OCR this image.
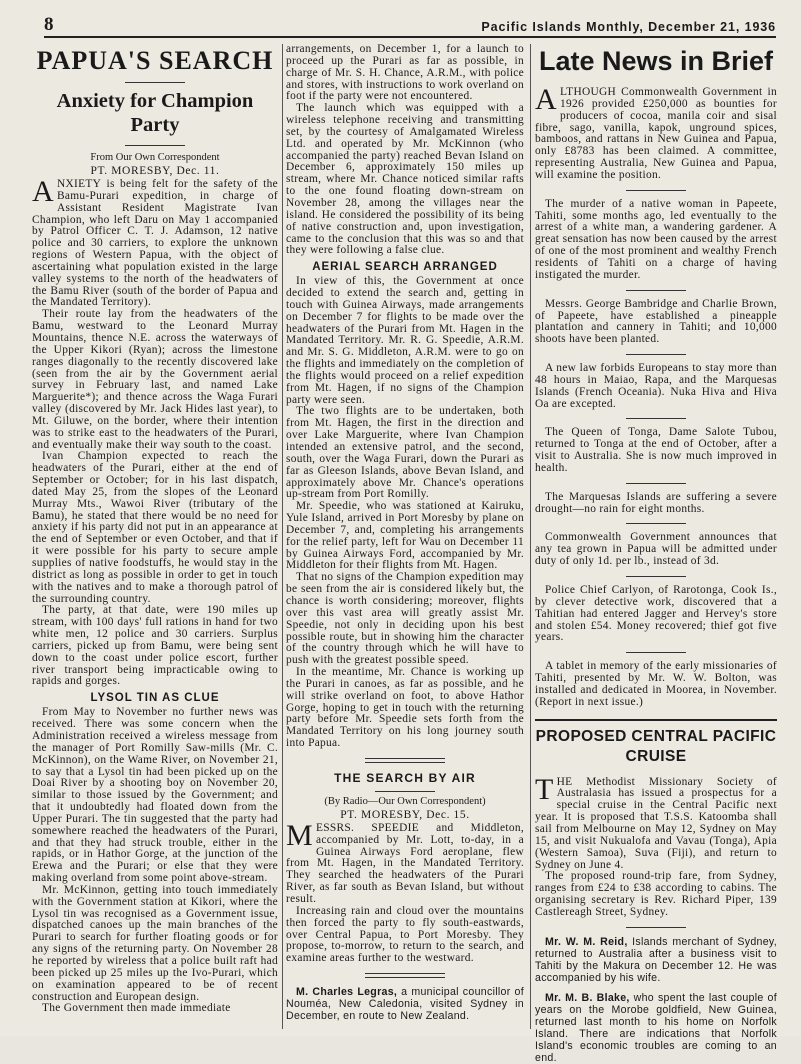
8	Pacific Islands Monthly, December 21, 1936
PAPUA'S SEARCH
Anxiety for Champion Party
From Our Own Correspondent
PT. MORESBY, Dec. 11.

ANXIETY is being felt for the safety of the Bamu-Purari expedition, in charge of Assistant Resident Magistrate Ivan Champion, who left Daru on May 1 accompanied by Patrol Officer C. T. J. Adamson, 12 native police and 30 carriers, to explore the unknown regions of Western Papua, with the object of ascertaining what population existed in the large valley systems to the north of the headwaters of the Bamu River (south of the border of Papua and the Mandated Territory).

Their route lay from the headwaters of the Bamu, westward to the Leonard Murray Mountains, thence N.E. across the waterways of the Upper Kikori (Ryan); across the limestone ranges diagonally to the recently discovered lake (seen from the air by the Government aerial survey in February last, and named Lake Marguerite*); and thence across the Waga Furari valley (discovered by Mr. Jack Hides last year), to Mt. Giluwe, on the border, where their intention was to strike east to the headwaters of the Purari, and eventually make their way south to the coast.

Ivan Champion expected to reach the headwaters of the Purari, either at the end of September or October; for in his last dispatch, dated May 25, from the slopes of the Leonard Murray Mts., Wawoi River (tributary of the Bamu), he stated that there would be no need for anxiety if his party did not put in an appearance at the end of September or even October, and that if it were possible for his party to secure ample supplies of native foodstuffs, he would stay in the district as long as possible in order to get in touch with the natives and to make a thorough patrol of the surrounding country.

The party, at that date, were 190 miles up stream, with 100 days' full rations in hand for two white men, 12 police and 30 carriers. Surplus carriers, picked up from Bamu, were being sent down to the coast under police escort, further river transport being impracticable owing to rapids and gorges.

LYSOL TIN AS CLUE

From May to November no further news was received. There was some concern when the Administration received a wireless message from the manager of Port Romilly Saw-mills (Mr. C. McKinnon), on the Wame River, on November 21, to say that a Lysol tin had been picked up on the Doai River by a shooting boy on November 20, similar to those issued by the Government; and that it undoubtedly had floated down from the Upper Purari. The tin suggested that the party had somewhere reached the headwaters of the Purari, and that they had struck trouble, either in the rapids, or in Hathor Gorge, at the junction of the Erewa and the Purari; or else that they were making overland from some point above-stream.

Mr. McKinnon, getting into touch immediately with the Government station at Kikori, where the Lysol tin was recognised as a Government issue, dispatched canoes up the main branches of the Purari to search for further floating goods or for any signs of the returning party. On November 28 he reported by wireless that a police built raft had been picked up 25 miles up the Ivo-Purari, which on examination appeared to be of recent construction and European design.

The Government then made immediate

arrangements, on December 1, for a launch to proceed up the Purari as far as possible, in charge of Mr. S. H. Chance, A.R.M., with police and stores, with instructions to work overland on foot if the party were not encountered.

The launch which was equipped with a wireless telephone receiving and transmitting set, by the courtesy of Amalgamated Wireless Ltd. and operated by Mr. McKinnon (who accompanied the party) reached Bevan Island on December 6, approximately 150 miles up stream, where Mr. Chance noticed similar rafts to the one found floating down-stream on November 28, among the villages near the island. He considered the possibility of its being of native construction and, upon investigation, came to the conclusion that this was so and that they were following a false clue.

AERIAL SEARCH ARRANGED

In view of this, the Government at once decided to extend the search and, getting in touch with Guinea Airways, made arrangements on December 7 for flights to be made over the headwaters of the Purari from Mt. Hagen in the Mandated Territory. Mr. R. G. Speedie, A.R.M. and Mr. S. G. Middleton, A.R.M. were to go on the flights and immediately on the completion of the flights would proceed on a relief expedition from Mt. Hagen, if no signs of the Champion party were seen.

The two flights are to be undertaken, both from Mt. Hagen, the first in the direction and over Lake Marguerite, where Ivan Champion intended an extensive patrol, and the second, south, over the Waga Furari, down the Purari as far as Gleeson Islands, above Bevan Island, and approximately above Mr. Chance's operations up-stream from Port Romilly.

Mr. Speedie, who was stationed at Kairuku, Yule Island, arrived in Port Moresby by plane on December 7, and, completing his arrangements for the relief party, left for Wau on December 11 by Guinea Airways Ford, accompanied by Mr. Middleton for their flights from Mt. Hagen.

That no signs of the Champion expedition may be seen from the air is considered likely but, the chance is worth considering; moreover, flights over this vast area will greatly assist Mr. Speedie, not only in deciding upon his best possible route, but in showing him the character of the country through which he will have to push with the greatest possible speed.

In the meantime, Mr. Chance is working up the Purari in canoes, as far as possible, and he will strike overland on foot, to above Hathor Gorge, hoping to get in touch with the returning party before Mr. Speedie sets forth from the Mandated Territory on his long journey south into Papua.

THE SEARCH BY AIR
(By Radio—Our Own Correspondent)
PT. MORESBY, Dec. 15.

MESSRS. SPEEDIE and Middleton, accompanied by Mr. Lott, to-day, in a Guinea Airways Ford aeroplane, flew from Mt. Hagen, in the Mandated Territory. They searched the headwaters of the Purari River, as far south as Bevan Island, but without result.

Increasing rain and cloud over the mountains then forced the party to fly south-eastwards, over Central Papua, to Port Moresby. They propose, to-morrow, to return to the search, and examine areas further to the westward.

M. Charles Legras, a municipal councillor of Nouméa, New Caledonia, visited Sydney in December, en route to New Zealand.

Late News in Brief

ALTHOUGH Commonwealth Government in 1926 provided £250,000 as bounties for producers of cocoa, manila coir and sisal fibre, sago, vanilla, kapok, unground spices, bamboos, and rattans in New Guinea and Papua, only £8783 has been claimed. A committee, representing Australia, New Guinea and Papua, will examine the position.

The murder of a native woman in Papeete, Tahiti, some months ago, led eventually to the arrest of a white man, a wandering gardener. A great sensation has now been caused by the arrest of one of the most prominent and wealthy French residents of Tahiti on a charge of having instigated the murder.

Messrs. George Bambridge and Charlie Brown, of Papeete, have established a pineapple plantation and cannery in Tahiti; and 10,000 shoots have been planted.

A new law forbids Europeans to stay more than 48 hours in Maiao, Rapa, and the Marquesas Islands (French Oceania). Nuka Hiva and Hiva Oa are excepted.

The Queen of Tonga, Dame Salote Tubou, returned to Tonga at the end of October, after a visit to Australia. She is now much improved in health.

The Marquesas Islands are suffering a severe drought—no rain for eight months.

Commonwealth Government announces that any tea grown in Papua will be admitted under duty of only 1d. per lb., instead of 3d.

Police Chief Carlyon, of Rarotonga, Cook Is., by clever detective work, discovered that a Tahitian had entered Jagger and Hervey's store and stolen £54. Money recovered; thief got five years.

A tablet in memory of the early missionaries of Tahiti, presented by Mr. W. W. Bolton, was installed and dedicated in Moorea, in November. (Report in next issue.)

PROPOSED CENTRAL PACIFIC CRUISE

THE Methodist Missionary Society of Australasia has issued a prospectus for a special cruise in the Central Pacific next year. It is proposed that T.S.S. Katoomba shall sail from Melbourne on May 12, Sydney on May 15, and visit Nukualofa and Vavau (Tonga), Apia (Western Samoa), Suva (Fiji), and return to Sydney on June 4.

The proposed round-trip fare, from Sydney, ranges from £24 to £38 according to cabins. The organising secretary is Rev. Richard Piper, 139 Castlereagh Street, Sydney.

Mr. W. M. Reid, Islands merchant of Sydney, returned to Australia after a business visit to Tahiti by the Makura on December 12. He was accompanied by his wife.

Mr. M. B. Blake, who spent the last couple of years on the Morobe goldfield, New Guinea, returned last month to his home on Norfolk Island. There are indications that Norfolk Island's economic troubles are coming to an end.
